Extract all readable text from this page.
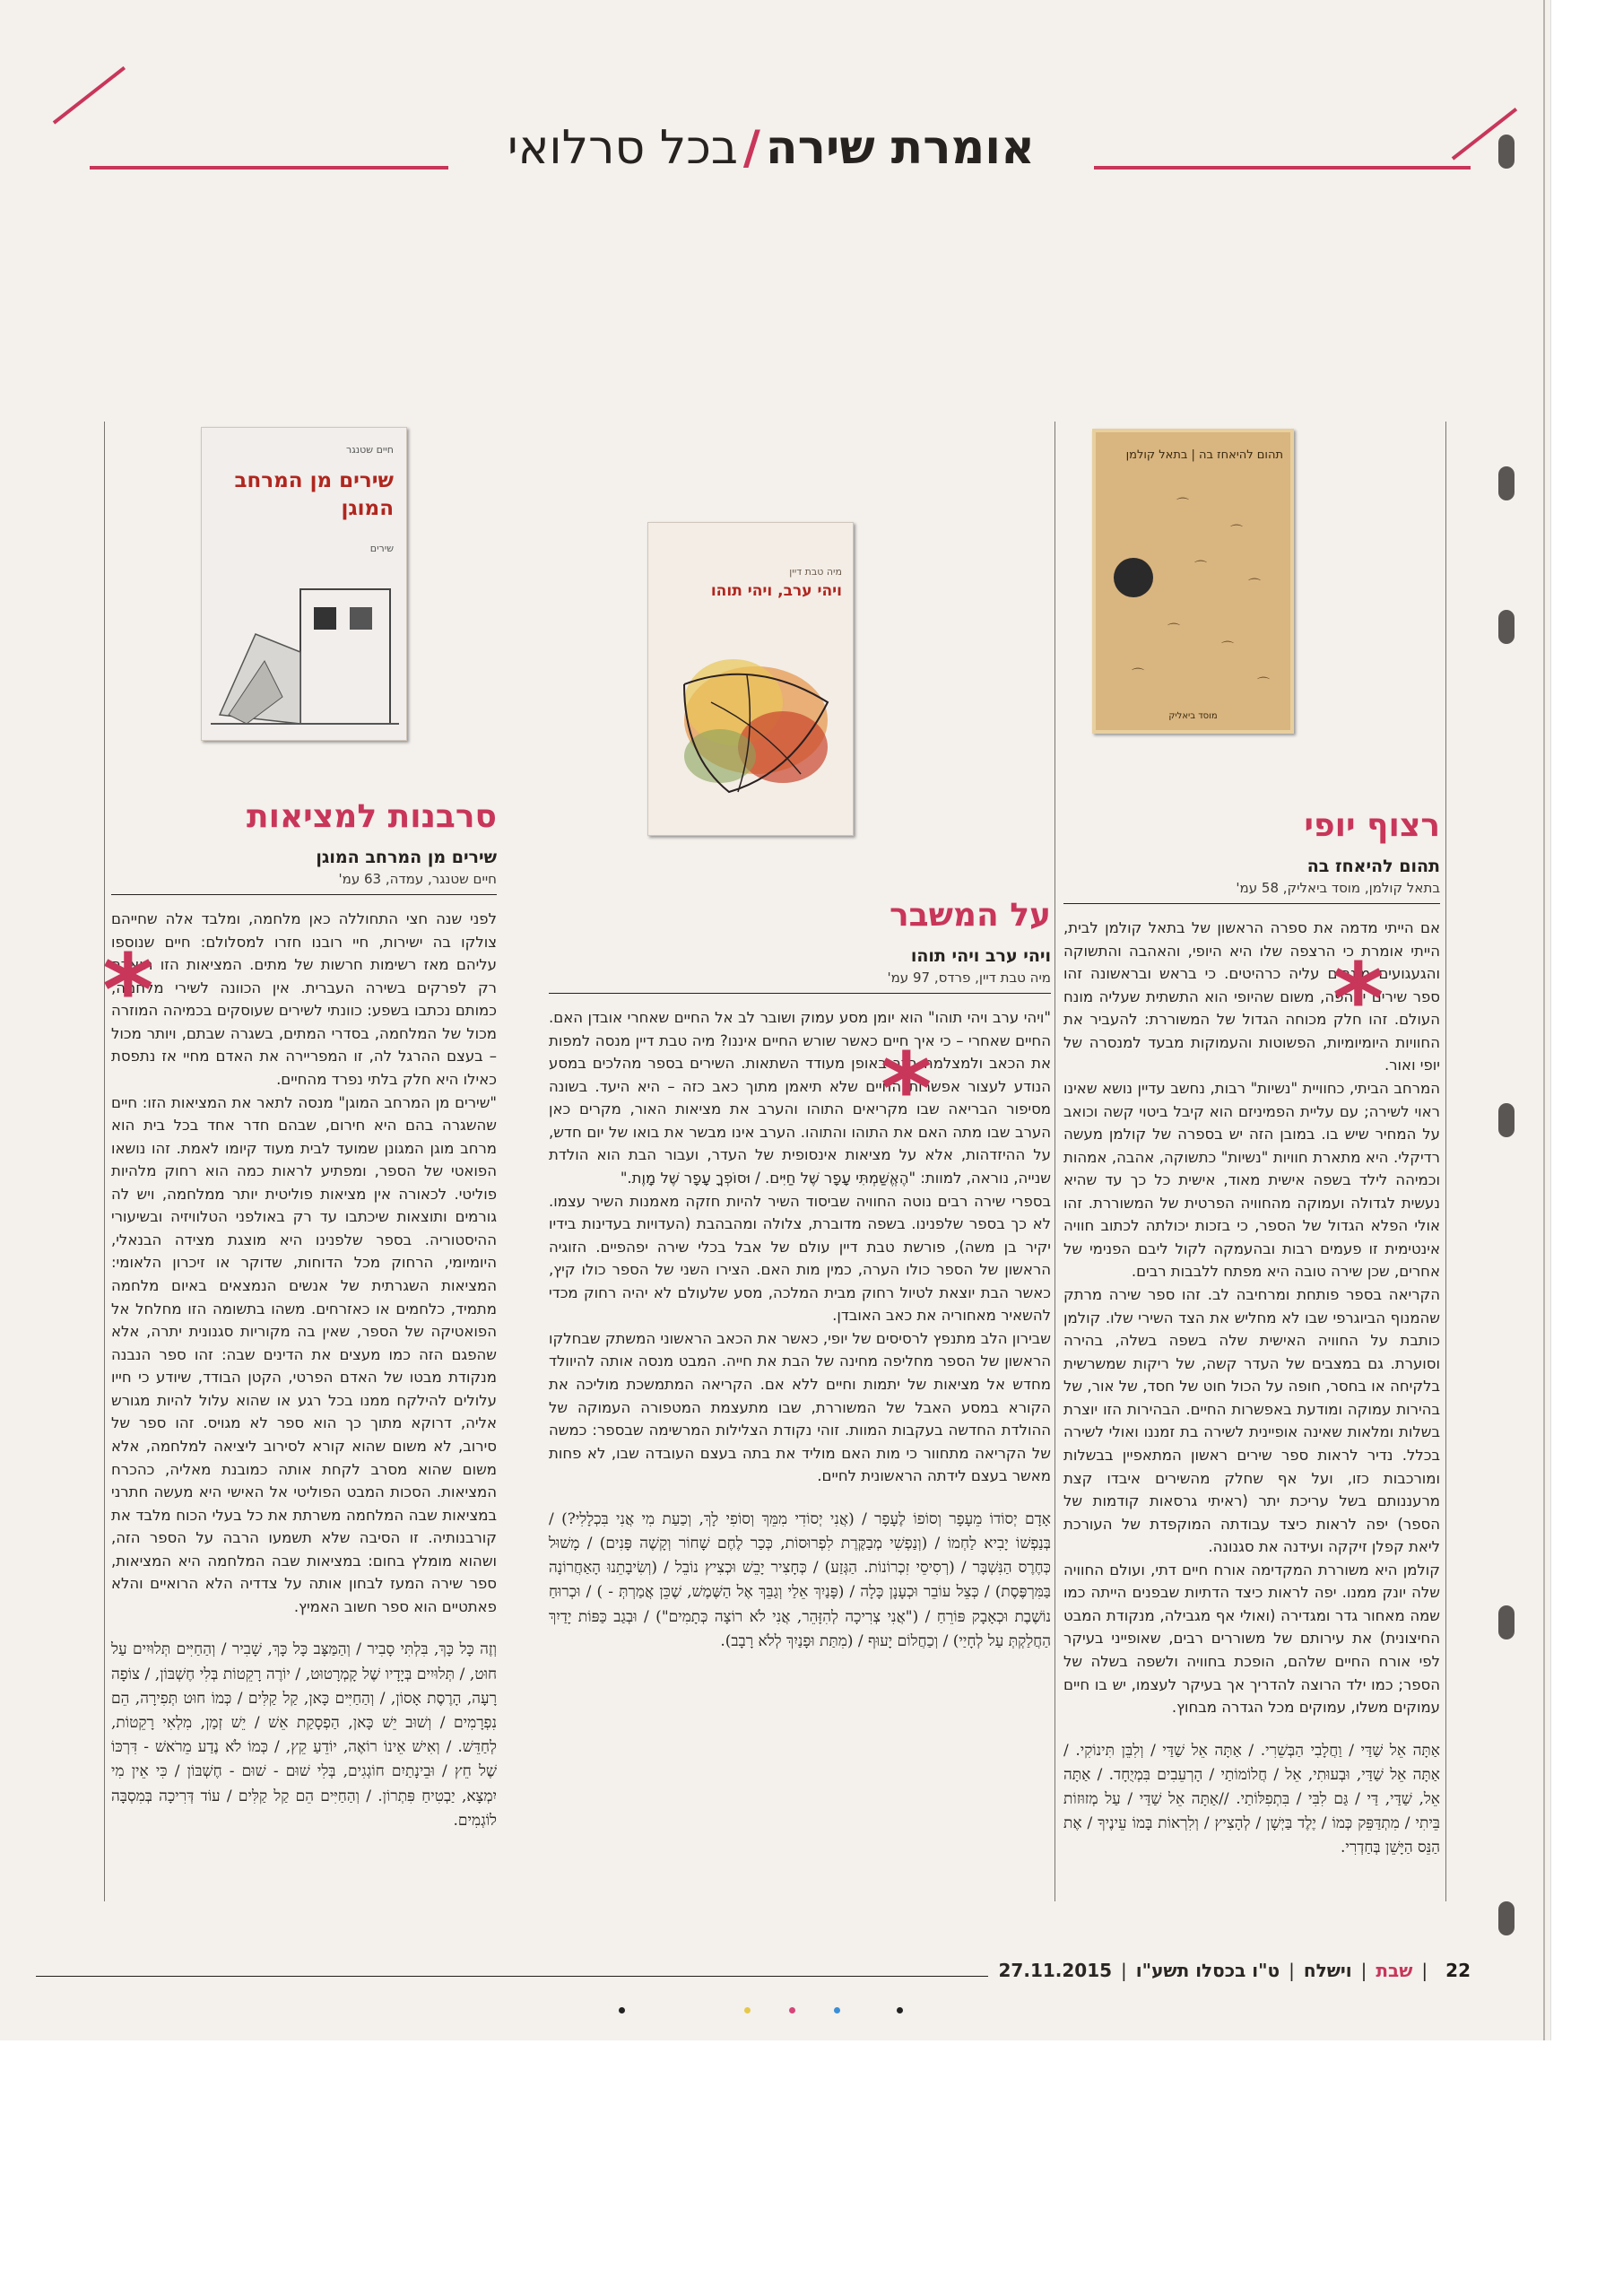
אומרת שירה/בכל סרלואי
תהום להיאחז בה | בתאל קולמן
⌒
⌒
⌒
⌒
⌒
⌒
⌒
⌒
מוסד ביאליק
מיה טבת דיין
ויהי ערב, ויהי תוהו
חיים שטנגר
שירים מן המרחב המוגן
שירים
רצוף יופי
תהום להיאחז בה
בתאל קולמן, מוסד ביאליק, 58 עמ'
*

אם הייתי מדמה את ספרה הראשון של בתאל קולמן לבית, הייתי אומרת כי הרצפה שלו היא היופי, והאהבה והתשוקה והגעגועים מונחים עליה כרהיטים. כי בראש ובראשונה זהו ספר שירים יפהפה, משום שהיופי הוא התשתית שעליה מונח העולם. זהו חלק מכוחה הגדול של המשוררת: להעביר את החוויות היומיומיות, הפשוטות והעמוקות מבעד למנסרה של יופי ואור.

המרחב הביתי, כחוויית "נשיות" רבות, נחשב עדיין נושא שאינו ראוי לשירה; עם עליית הפמיניזם הוא קיבל ביטוי קשה וכואב על המחיר שיש בו. במובן הזה יש בספרה של קולמן מעשה רדיקלי. היא מתארת חוויות "נשיות" כתשוקה, אהבה, אמהות וכמיהה לילד בשפה אישית מאוד, אישית כל כך עד שהיא נעשית לגדולה ועמוקה מהחוויה הפרטית של המשוררת. זהו אולי הפלא הגדול של הספר, כי בזכות יכולתה לכתוב חוויה אינטימית זו פעמים רבות ובהעמקה לקול ליבם הפנימי של אחרים, שכן שירה טובה היא מפתח ללבבות רבים.

הקריאה בספר פותחת ומרחיבה לב. זהו ספר שירה מרתק שהמנוף הביוגרפי שבו לא מחליש את הצד השירי שלו. קולמן כותבת על החוויה האישית שלה בשפה בשלה, בהירה וסוערת. גם במצבים של העדר קשה, של ריקות שמשרשית בלקיחה או בחסר, חופה על הכול חוט של חסד, של אור, של בהירות עמוקה ומודעת באפשרות החיים. הבהירות הזו יוצרת בשלות ומלאות שאינה אופיינית לשירה בת זמננו ואולי לשירה בכלל. נדיר לראות ספר שירים ראשון המתאפיין בבשלות ומורכבות כזו, ועל אף שחלק מהשירים איבדו קצת מרעננותם בשל עריכת יתר (ראיתי גרסאות קודמות של הספר) יפה לראות כיצד עבודתה המוקפדת של העורכת ליאת קפלן זיקקה ועידנה את סגנונה.

קולמן היא משוררת המקדימה אורח חיים דתי, ועולם החוויה שלה יונק ממנו. יפה לראות כיצד הדתיות שבפנים הייתה כמו שמה מאחור גדר ומגדירה (ואולי אף מגבילה, מנקודת המבט החיצונית) את עירותם של משוררים רבים, שאופייני בעיקר לפי אורח החיים שלהם, הופכת בחוויה ולשפה בשלה של הספר; כמו ילד הרוצה להדריך אך בעיקר לעצמו, יש בו חיים עמוקים משלו, עמוקים מכל הגדרה מבחוץ.

אַתָּה אֵל שַׁדַּי / וַחֲלָבִי הַבְּשֵׁרִי. / אַתָּה אֵל שַׁדַּי / וְלִבֵּן תִּינוֹקִי. / אַתָּה אֵל שַׁדַּי, וּבְעוּתִי, אֵל / חֲלוֹמוֹתַי / הָרְעֵבִים בִּמְיֻחָד. / אַתָּה אֵל, שַׁדַּי, דַּי / גַּם לִבִּי / בִּתְפִלּוֹתַי. //אַתָּה אֵל שַׁדַּי / עַל מְזוּזוֹת בֵּיתִי / מִתְדַּפֵּק כְּמוֹ / יֶלֶד בַּיְשָׁן / לְהָצִיץ / וְלִרְאוֹת בָּמוֹ עֵינֶיךָ / אֶת הַנֵּס הַיָּשֵׁן בְּחַדְרִי.
על המשבר
ויהי ערב ויהי תוהו
מיה טבת דיין, פרדס, 97 עמ'
*

"ויהי ערב ויהי תוהו" הוא יומן מסע עמוק ושובר לב אל החיים שאחרי אובדן האם. החיים שאחרי – כי איך חיים כאשר שורש החיים איננו? מיה טבת דיין מנסה למפות את הכאב ולמצלמה בכך באופן מעודד השתאות. השירים בספר מהלכים במסע הנודע לעצור אפשרות החיים שלא תיאמן מתוך כאב כזה – היא היעד. בשונה מסיפור הבריאה שבו מקריאים התוהו והערב את מציאות האור, מקרים כאן הערב שבו מתה האם את התוהו והתוהו. הערב אינו מבשר את בואו של יום חדש, על ההיזדהות, אלא על מציאות אינסופית של העדר, ועבור הבת הוא הולדת שנייה, נוראה, למוות: "הֶאֱשַׁמְתִּי עָפָר שֶׁל חַיִּים. / וּסוֹפְךָ עָפָר שֶׁל מָוֶת."

בספרי שירה רבים נוטה החוויה שביסוד השיר להיות חזקה מאמנות השיר עצמו. לא כך בספר שלפנינו. בשפה מדוברת, צלולה ומהבהבת (העדויות בעדינות בידיו יקיר בן משה), פורשת טבת דיין עולם של אבל בכלי שירה יפהפיים. הזוגיה הראשון של הספר כולו הערה, כמין מות האם. הצירו השני של הספר כולו קיץ, כאשר הבת יוצאת לטיול רחוק מבית המלכה, מסע שלעולם לא יהיה רחוק מכדי להשאיר מאחוריה את כאב האובדן.

שבירון הלב מתנפץ לרסיסים של יופי, כאשר את הכאב הראשוני המשתק שבחלקו הראשון של הספר מחליפה מחינה של הבת את חייה. המבט מנסה אותה להיוולד מחדש אל מציאות של יתמות וחיים ללא אם. הקריאה המתמשכת מוליכה את הקורא במסע האבל של המשוררת, שבו מתעצמת המטפורה העמוקה של ההולדת החדשה בעקבות המוות. זוהי נקודת הצלילות המרשימה שבספר: כמשה של הקריאה מתחוור כי מות האם מוליד את בתה בעצם העובדה שבו, לא פחות מאשר בעצם לידתה הראשונית לחיים.

אָדָם יְסוֹדוֹ מֵעָפָר וְסוֹפוֹ לֶעָפָר / (אֲנִי יְסוֹדִי מִמֵּךְ וְסוֹפִי לָךְ, וְכַעַת מִי אֲנִי בִּכְלָלִי?) / בְּנַפְשׁוֹ יָבִיא לַחְמוֹ / (וְנַפְשִׁי מְבַקֶּרֶת לִפְרוּסוֹת, כְּכַר לֶחֶם שָׁחוֹר וְקָשֶׁה פָּנִים) / מָשׁוּל כְּחֶרֶס הַנִּשְׁבָּר / (רְסִיסֵי זִכְרוֹנוֹת. הַגְּזַע) / כְּחָצִיר יָבֵשׁ וּכְצִיץ נוֹבֵל / (וְשִׂיבָתֵנוּ הָאַחֲרוֹנָה בַּמִּרְפֶּסֶת) / כְּצֵל עוֹבֵר וּכְעָנָן כָּלָה / (פָּנַיִךְ אֵלַי וְגַבֵּךְ אֶל הַשֶּׁמֶשׁ, שֶׁכֵּן אֲמַרְתְּ - ) / וּכְרוּחַ נוֹשֶׁבֶת וּכְאָבָק פּוֹרֵחַ / ("אֲנִי צְרִיכָה לְהִזָּהֵר, אֲנִי לֹא רוֹצָה כְּתָמִים") / וּבְגַב כַּפּוֹת יָדַיִךְ הַחֲלַקְתְּ עַל לְחָיַי) / וְכַחֲלוֹם יָעוּף / (מִתַּת וּפָנַיִךְ לְלֹא רָבָב).
סרבנות למציאות
שירים מן המרחב המוגן
חיים שטנגר, עמדה, 63 עמ'
*

לפני שנה חצי התחוללה כאן מלחמה, ומלבד אלה שחייהם צולקו בה ישירות, חיי רובנו חזרו למסלולם: חיים שנוספו עליהם מאז רשימות חרשות של מתים. המציאות הזו תוארה רק לפרקים בשירה העברית. אין הכוונה לשירי מלחמה, כמותם נכתבו בשפע: כוונתי לשירים שעוסקים בכמיהה המוזרה מכול של המלחמה, בסדרי המתים, בשגרה שבתם, ויותר מכול – בעצם ההרגל לה, זו המפריירה את האדם מחיי אז נתפסת כאילו היא חלק בלתי נפרד מהחיים.

"שירים מן המרחב המוגן" מנסה לתאר את המציאות הזו: חיים שהשגרה בהם היא חירום, שבהם חדר אחד בכל בית הוא מרחב מוגן המגונן שמועד לבית מעוד קיומו לאמת. זהו נושאו הפואטי של הספר, ומפתיע לראות כמה הוא רחוק מלהיות פוליטי. לכאורה אין מציאות פוליטית יותר ממלחמה, ויש לה גורמים ותוצאות שיכתבו עד רק באולפני הטלוויזיה ובשיעורי ההיסטוריה. בספר שלפנינו היא מוצגת מצידה הבנאלי, היומיומי, הרחוק מכל הדוחות, שדוקר או זיכרון הלאומי: המציאות השגרתית של אנשים הנמצאים באיום מלחמה מתמיד, כלחמים או כאזרחים. משהו בתשומה הזו מחלחל אל הפואטיקה של הספר, שאין בה מקוריות סגנונית יתרה, אלא שהפגם הזה כמו מעצים את הדינים שבה: זהו ספר הנבנה מנקודת מבטו של האדם הפרטי, הקטן הבודד, שיודע כי חייו עלולים להילקח ממנו בכל רגע או שהוא עלול להיות מגורש אליה, דרוקא מתוך כך הוא ספר לא מגויס. זהו ספר של סירוב, לא משום שהוא קורא לסירוב ליציאה למלחמה, אלא משום שהוא מסרב לקחת אותה כמובנת מאליה, כהכרח המציאות. הסכות המבט הפוליטי אל האישי היא מעשה חתרני במציאות שבה המלחמה משרתת את כל בעלי הכוח מלבד את קורבנותיה. זו הסיבה שלא תשמעו הרבה על הספר הזה, ושהוא מומלץ בחום: במציאות שבה המלחמה היא המציאות, ספר שירה המעז לבחון אותה על צדדיה הלא הרואיים והלא פאתטיים הוא ספר חשוב האמיץ.

וְזֶה כָּל כָּךְ, בִּלְתִּי סָבִיר / וְהַמַּצָּב כָּל כָּךְ, שָׁבִיר / וְהַחַיִּים תְּלוּיִים עַל חוּט, / תְּלוּיִים בְּיָדָיו שֶׁל קָמְרָטוּט, / יוֹרֶה רָקֵטוֹת בְּלִי חֶשְׁבּוֹן, / צוֹפָה רָעָה, הָרֶסֶת אָסוֹן, / וְהַחַיִּים כָּאן, קַל קַלִּים / כְּמוֹ חוּט תְּפִירָה, הֵם נִפְרָמִים / וְשׁוּב יֵשׁ כָּאן, הַפְסָקַת אֵשׁ / יֵשׁ זְמַן, מִלְאִי רָקֵטוֹת, לְחַדֵּשׁ. / וְאִישׁ אֵינוֹ רוֹאֶה, יוֹדֵעַ קֵץ, / כְּמוֹ לֹא נֶדַע מֵרֹאשׁ - דִּרְכּוֹ שֶׁל חֵץ / וּבֵינָתַיִם חוֹגְגִים, בְּלִי שׁוּם - שׁוּם - חֶשְׁבּוֹן / כִּי אֵין מִי יִמְצָא, יַבְטִיחַ פִּתְרוֹן. / וְהַחַיִּים הֵם קַל קַלִּים / עוֹד דְּרִיכָה בְּמִסְבָּה לוֹגְמִים.
22|שבת|וישלח|ט"ו בכסלו תשע"ו|27.11.2015
